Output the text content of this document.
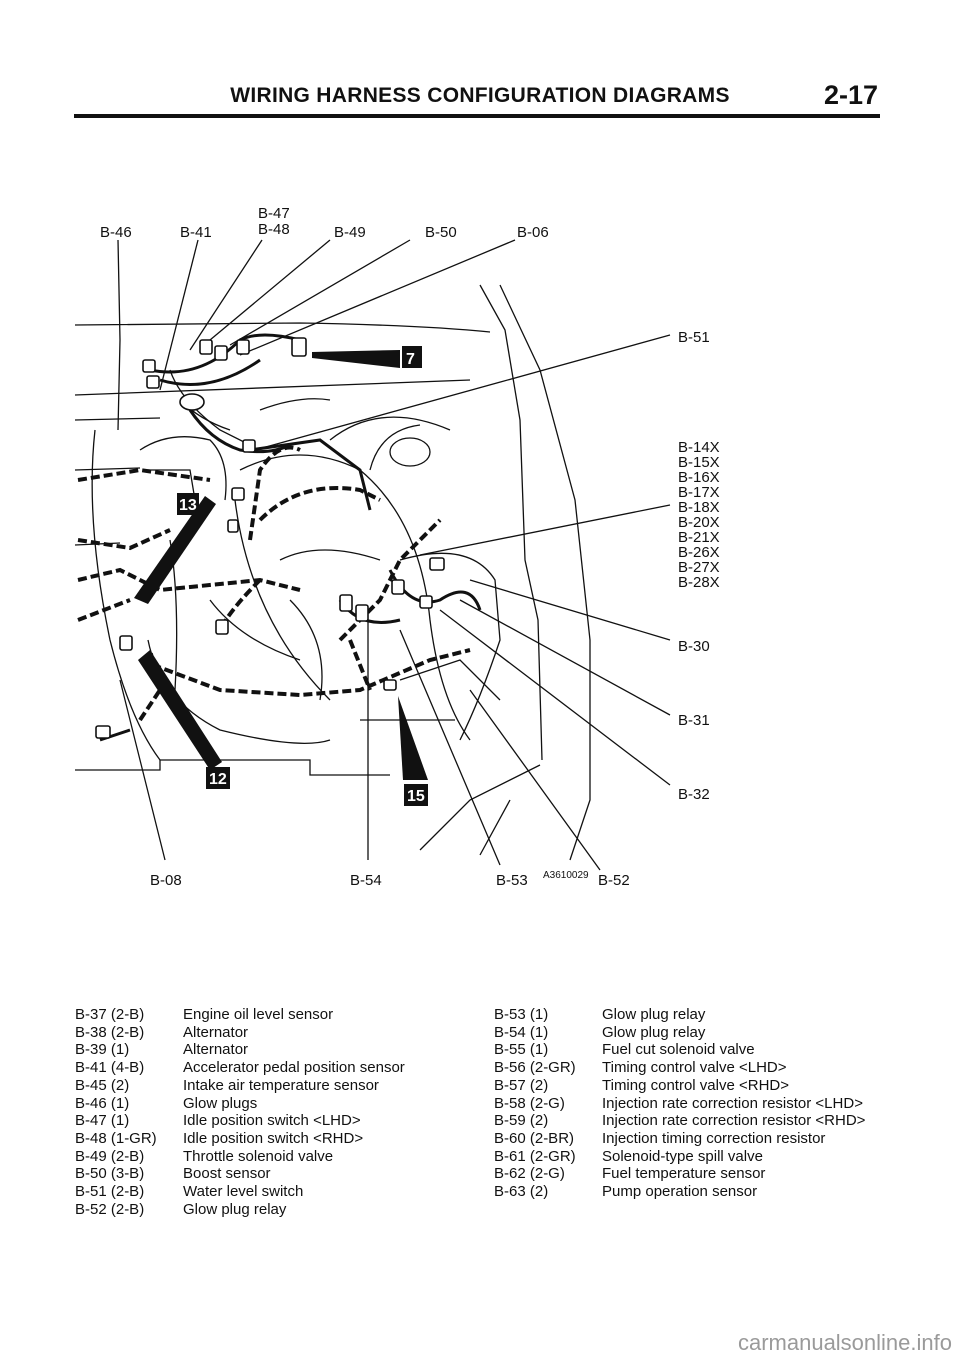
WIRING HARNESS CONFIGURATION DIAGRAMS	2-17
7
13
12
15
B-46	B-41
B-47
B-48	B-49	B-50	B-06
B-51
B-14X
B-15X
B-16X
B-17X
B-18X
B-20X
B-21X
B-26X
B-27X
B-28X
B-30
B-31
B-32
B-08	B-54	B-53 A3610029 B-52
B-37 (2-B)	Engine oil level sensor
B-38 (2-B)	Alternator
B-39 (1)	Alternator
B-41 (4-B)	Accelerator pedal position sensor
B-45 (2)	Intake air temperature sensor
B-46 (1)	Glow plugs
B-47 (1)	Idle position switch <LHD>
B-48 (1-GR)	Idle position switch <RHD>
B-49 (2-B)	Throttle solenoid valve
B-50 (3-B)	Boost sensor
B-51 (2-B)	Water level switch
B-52 (2-B)	Glow plug relay
B-53 (1)	Glow plug relay
B-54 (1)	Glow plug relay
B-55 (1)	Fuel cut solenoid valve
B-56 (2-GR)	Timing control valve <LHD>
B-57 (2)	Timing control valve <RHD>
B-58 (2-G)	Injection rate correction resistor <LHD>
B-59 (2)	Injection rate correction resistor <RHD>
B-60 (2-BR)	Injection timing correction resistor
B-61 (2-GR)	Solenoid-type spill valve
B-62 (2-G)	Fuel temperature sensor
B-63 (2)	Pump operation sensor
carmanualsonline.info
